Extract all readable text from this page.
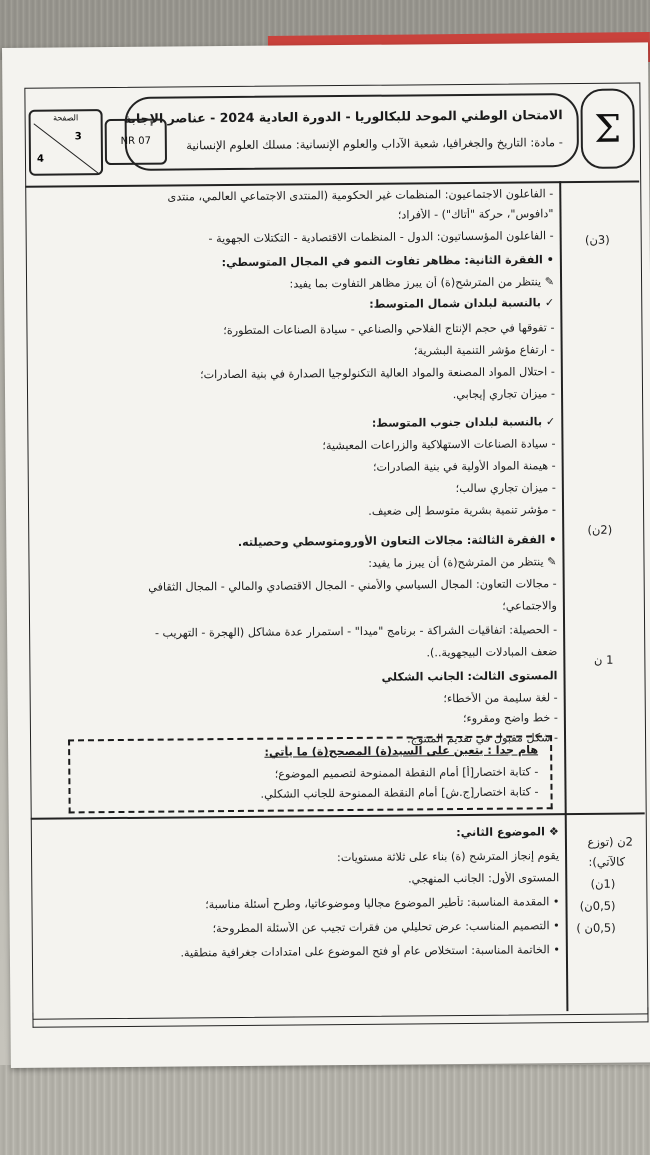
Σ
الامتحان الوطني الموحد للبكالوريا - الدورة العادية 2024 - عناصر الإجابة
- مادة: التاريخ والجغرافيا، شعبة الآداب والعلوم الإنسانية: مسلك العلوم الإنسانية
NR 07
الصفحة
3
4
- الفاعلون الاجتماعيون: المنظمات غير الحكومية (المنتدى الاجتماعي العالمي، منتدى
"دافوس"، حركة "أتاك") - الأفراد؛
- الفاعلون المؤسساتيون: الدول - المنظمات الاقتصادية - التكتلات الجهوية -
• الفقرة الثانية: مظاهر تفاوت النمو في المجال المتوسطي:
✎ ينتظر من المترشح(ة) أن يبرز مظاهر التفاوت بما يفيد:
✓ بالنسبة لبلدان شمال المتوسط:
- تفوقها في حجم الإنتاج الفلاحي والصناعي - سيادة الصناعات المتطورة؛
- ارتفاع مؤشر التنمية البشرية؛
- احتلال المواد المصنعة والمواد العالية التكنولوجيا الصدارة في بنية الصادرات؛
- ميزان تجاري إيجابي.
✓ بالنسبة لبلدان جنوب المتوسط:
- سيادة الصناعات الاستهلاكية والزراعات المعيشية؛
- هيمنة المواد الأولية في بنية الصادرات؛
- ميزان تجاري سالب؛
- مؤشر تنمية بشرية متوسط إلى ضعيف.
• الفقرة الثالثة: مجالات التعاون الأورومتوسطي وحصيلته.
✎ ينتظر من المترشح(ة) أن يبرز ما يفيد:
- مجالات التعاون: المجال السياسي والأمني - المجال الاقتصادي والمالي - المجال الثقافي
والاجتماعي؛
- الحصيلة: اتفاقيات الشراكة - برنامج "ميدا" - استمرار عدة مشاكل (الهجرة - التهريب -
ضعف المبادلات البيجهوية..).
المستوى الثالث: الجانب الشكلي
- لغة سليمة من الأخطاء؛
- خط واضح ومقروء؛
- شكل مقبول في تقديم المنتوج.
هام جدا : يتعين على السيد(ة) المصحح(ة) ما يأتي:
- كتابة اختصار[أ] أمام النقطة الممنوحة لتصميم الموضوع؛
- كتابة اختصار[ج.ش] أمام النقطة الممنوحة للجانب الشكلي.
❖ الموضوع الثاني:
يقوم إنجاز المترشح (ة) بناء على ثلاثة مستويات:
المستوى الأول: الجانب المنهجي.
• المقدمة المناسبة: تأطير الموضوع مجاليا وموضوعاتيا، وطرح أسئلة مناسبة؛
• التصميم المناسب: عرض تحليلي من فقرات تجيب عن الأسئلة المطروحة؛
• الخاتمة المناسبة: استخلاص عام أو فتح الموضوع على امتدادات جغرافية منطقية.
(3ن)
(2ن)
1 ن
2ن (توزع
كالآتي):
(1ن)
(0,5ن)
(0,5ن )
